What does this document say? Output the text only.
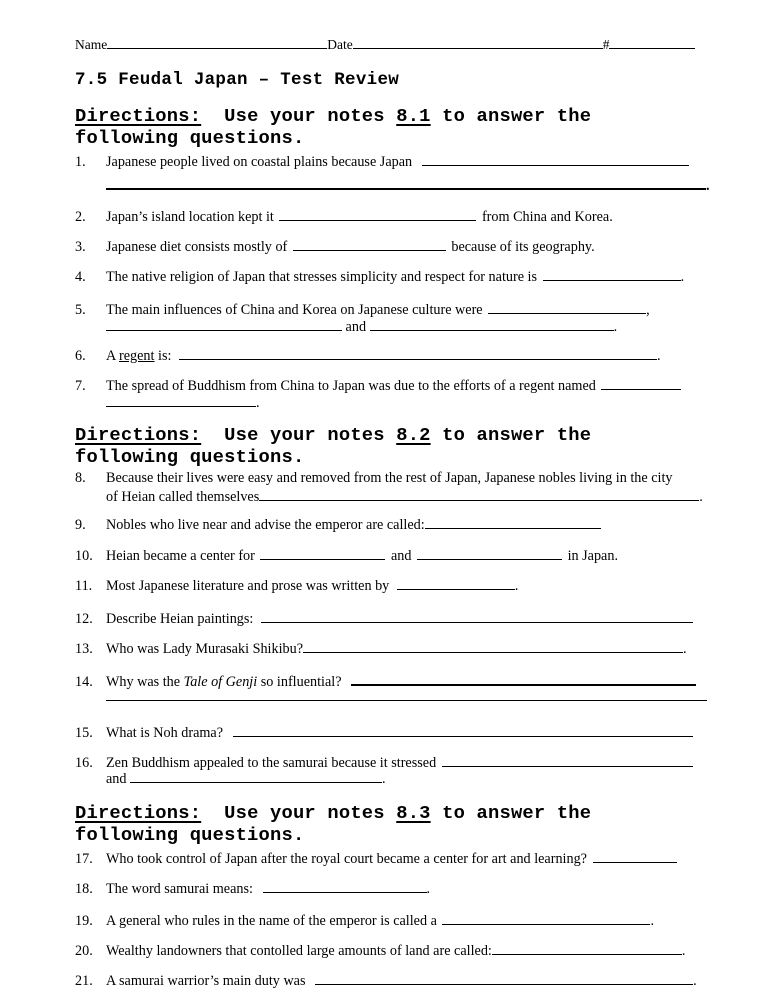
Name	Date	#
7.5 Feudal Japan – Test Review
Directions: Use your notes 8.1 to answer the
following questions.
1. Japanese people lived on coastal plains because Japan
.
2. Japan’s island location kept it	from China and Korea.
3. Japanese diet consists mostly of	because of its geography.
4. The native religion of Japan that stresses simplicity and respect for nature is	.
5. The main influences of China and Korea on Japanese culture were	,
and	.
6. A regent is:	.
7. The spread of Buddhism from China to Japan was due to the efforts of a regent named
.
Directions: Use your notes 8.2 to answer the
following questions.
8. Because their lives were easy and removed from the rest of Japan, Japanese nobles living in the city
of Heian called themselves	.
9. Nobles who live near and advise the emperor are called:
10. Heian became a center for	and	in Japan.
11. Most Japanese literature and prose was written by	.
12. Describe Heian paintings:
13. Who was Lady Murasaki Shikibu?	.
14. Why was the Tale of Genji so influential?
15. What is Noh drama?
16. Zen Buddhism appealed to the samurai because it stressed
and	.
Directions: Use your notes 8.3 to answer the
following questions.
17. Who took control of Japan after the royal court became a center for art and learning?
18. The word samurai means:	.
19. A general who rules in the name of the emperor is called a	.
20. Wealthy landowners that contolled large amounts of land are called:	.
21. A samurai warrior’s main duty was	.
